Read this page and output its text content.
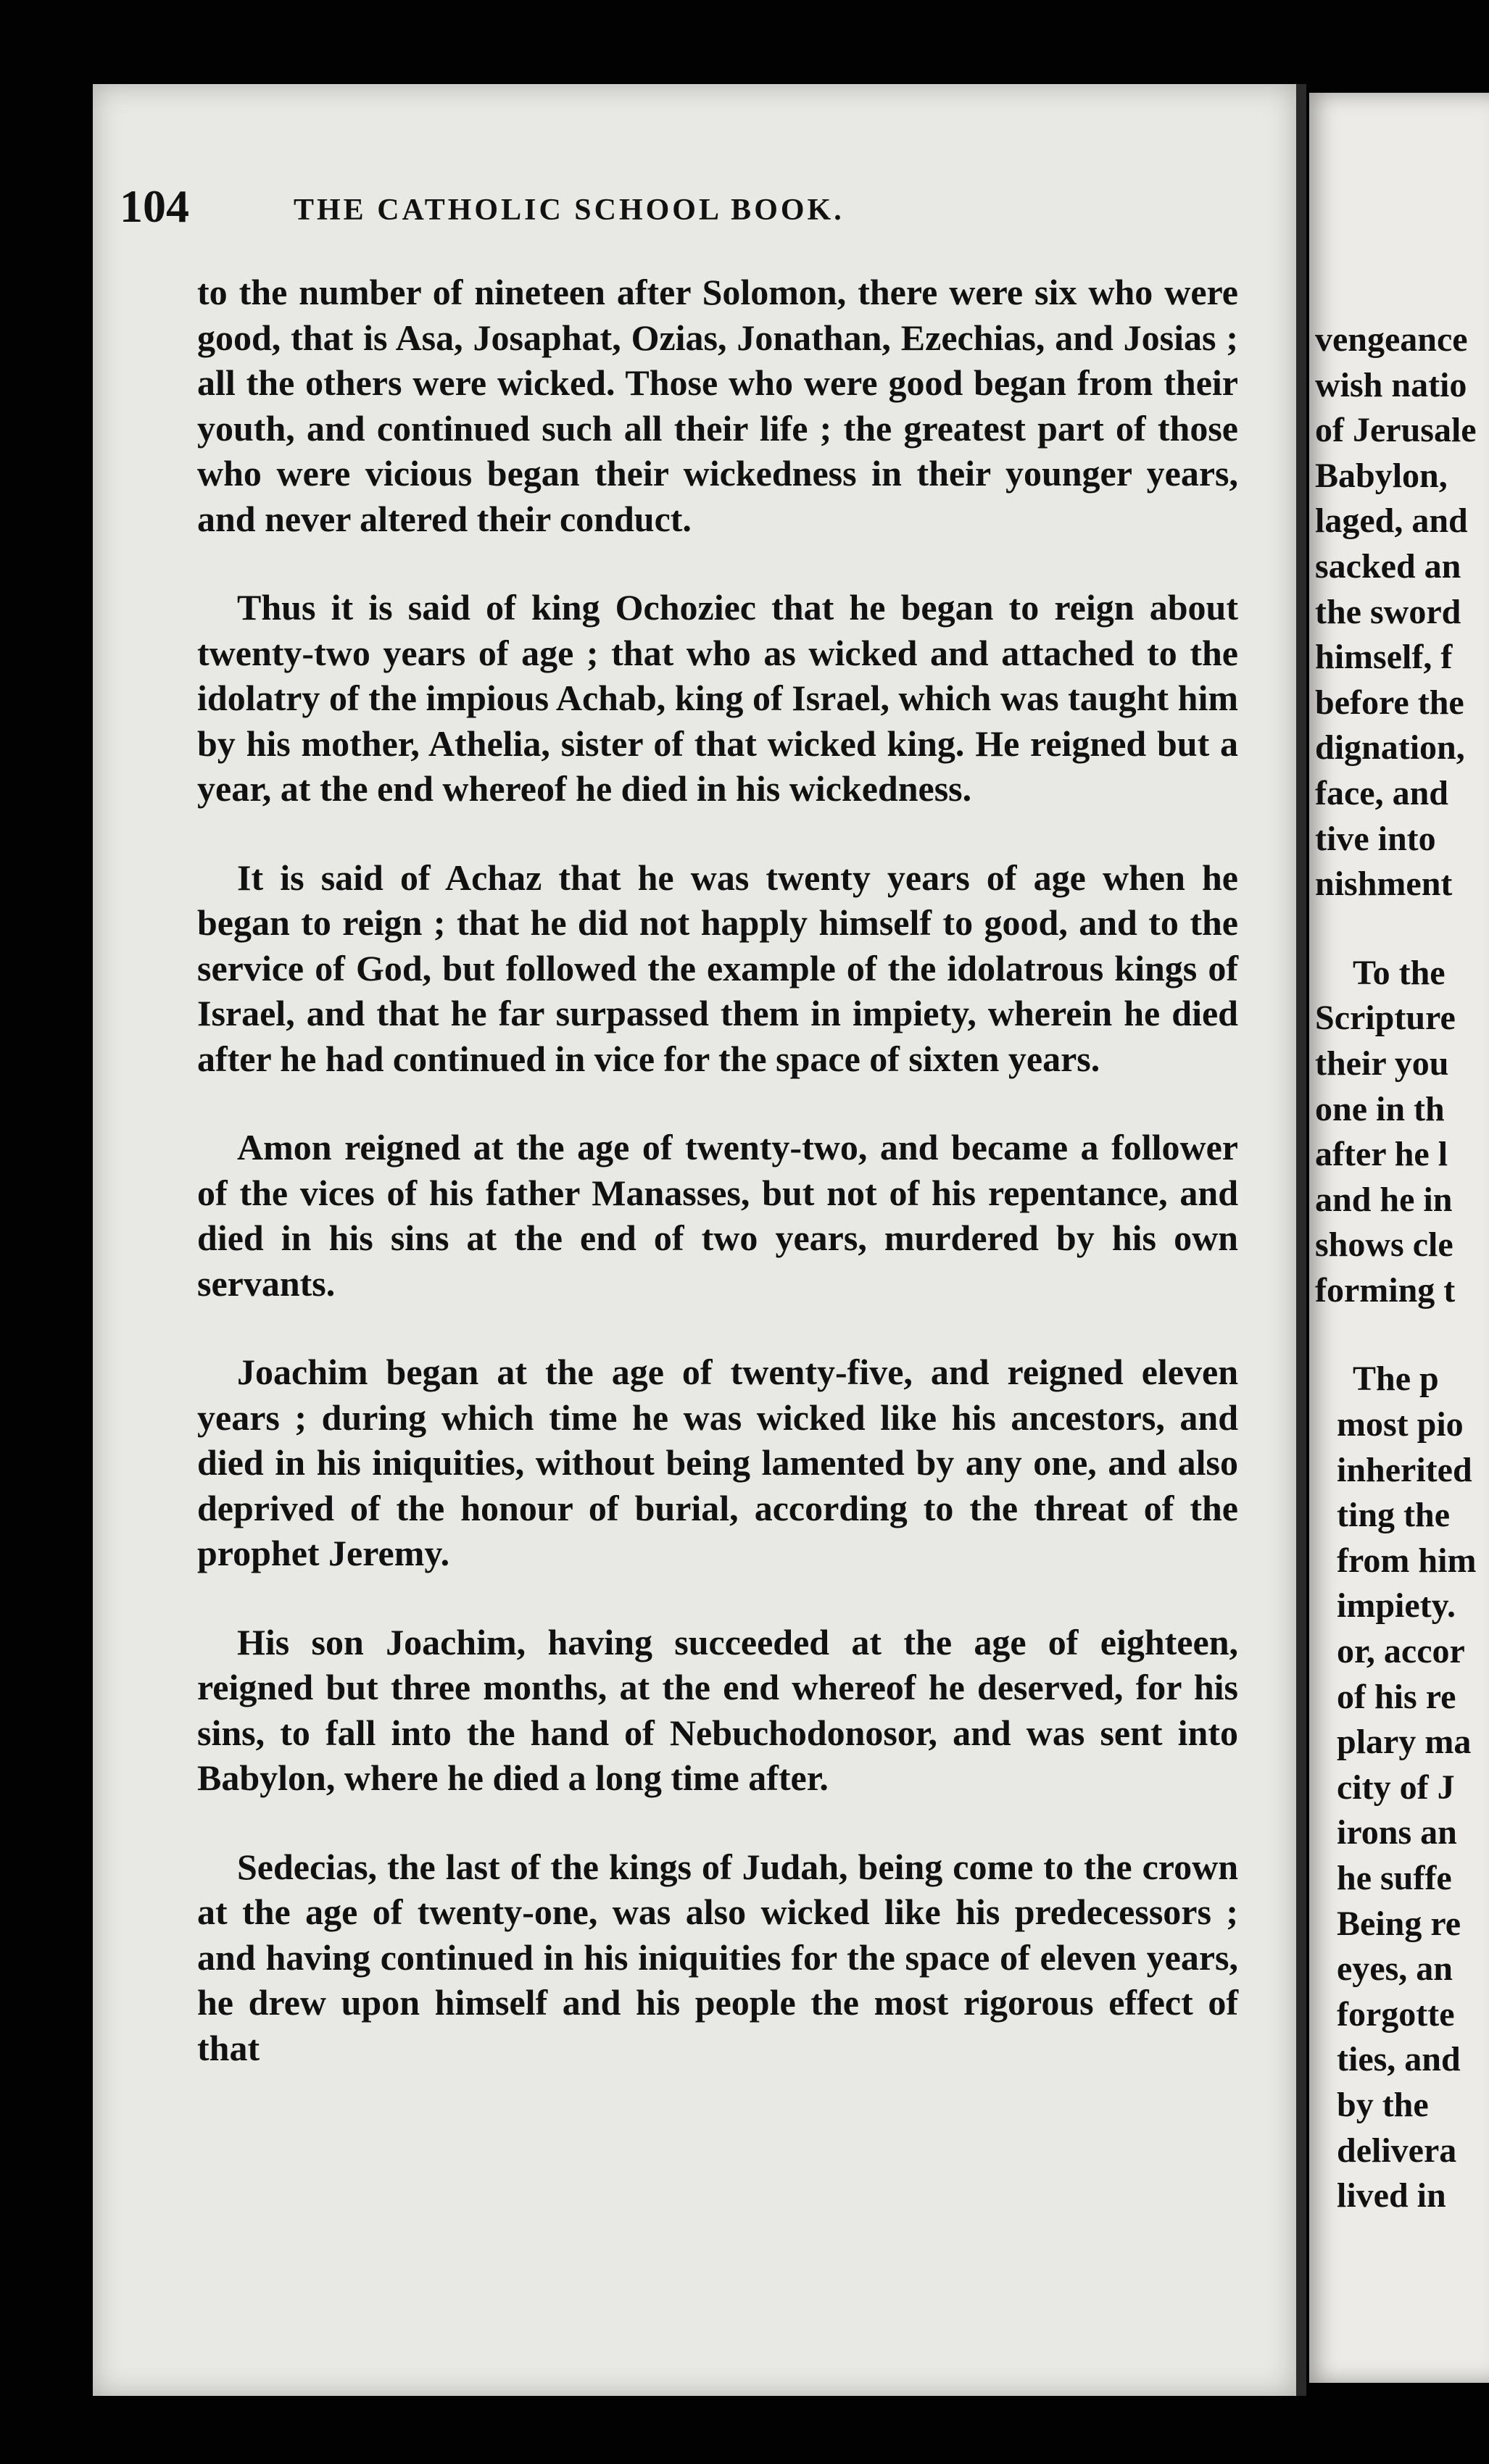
104	THE CATHOLIC SCHOOL BOOK.

to the number of nineteen after Solomon, there were six who were good, that is Asa, Josaphat, Ozias, Jonathan, Ezechias, and Josias ; all the others were wicked. Those who were good began from their youth, and continued such all their life ; the greatest part of those who were vicious began their wickedness in their younger years, and never altered their conduct.

Thus it is said of king Ochoziec that he began to reign about twenty-two years of age ; that who as wicked and attached to the idolatry of the impious Achab, king of Israel, which was taught him by his mother, Athelia, sister of that wicked king. He reigned but a year, at the end whereof he died in his wickedness.

It is said of Achaz that he was twenty years of age when he began to reign ; that he did not happly himself to good, and to the service of God, but followed the example of the idolatrous kings of Israel, and that he far surpassed them in impiety, wherein he died after he had continued in vice for the space of sixten years.

Amon reigned at the age of twenty-two, and became a follower of the vices of his father Manasses, but not of his repentance, and died in his sins at the end of two years, murdered by his own servants.

Joachim began at the age of twenty-five, and reigned eleven years ; during which time he was wicked like his ancestors, and died in his iniquities, without being lamented by any one, and also deprived of the honour of burial, according to the threat of the prophet Jeremy.

His son Joachim, having succeeded at the age of eighteen, reigned but three months, at the end whereof he deserved, for his sins, to fall into the hand of Nebuchodonosor, and was sent into Babylon, where he died a long time after.

Sedecias, the last of the kings of Judah, being come to the crown at the age of twenty-one, was also wicked like his predecessors ; and having continued in his iniquities for the space of eleven years, he drew upon himself and his people the most rigorous effect of that

vengeance
wish natio
of Jerusale
Babylon,
laged, and
sacked an
the sword
himself, f
before the
dignation,
face, and
tive into
nishment
To the
Scripture
their you
one in th
after he l
and he in
shows cle
forming t
The p
most pio
inherited
ting the
from him
impiety.
or, accor
of his re
plary ma
city of J
irons an
he suffe
Being re
eyes, an
forgotte
ties, and
by the
delivera
lived in
